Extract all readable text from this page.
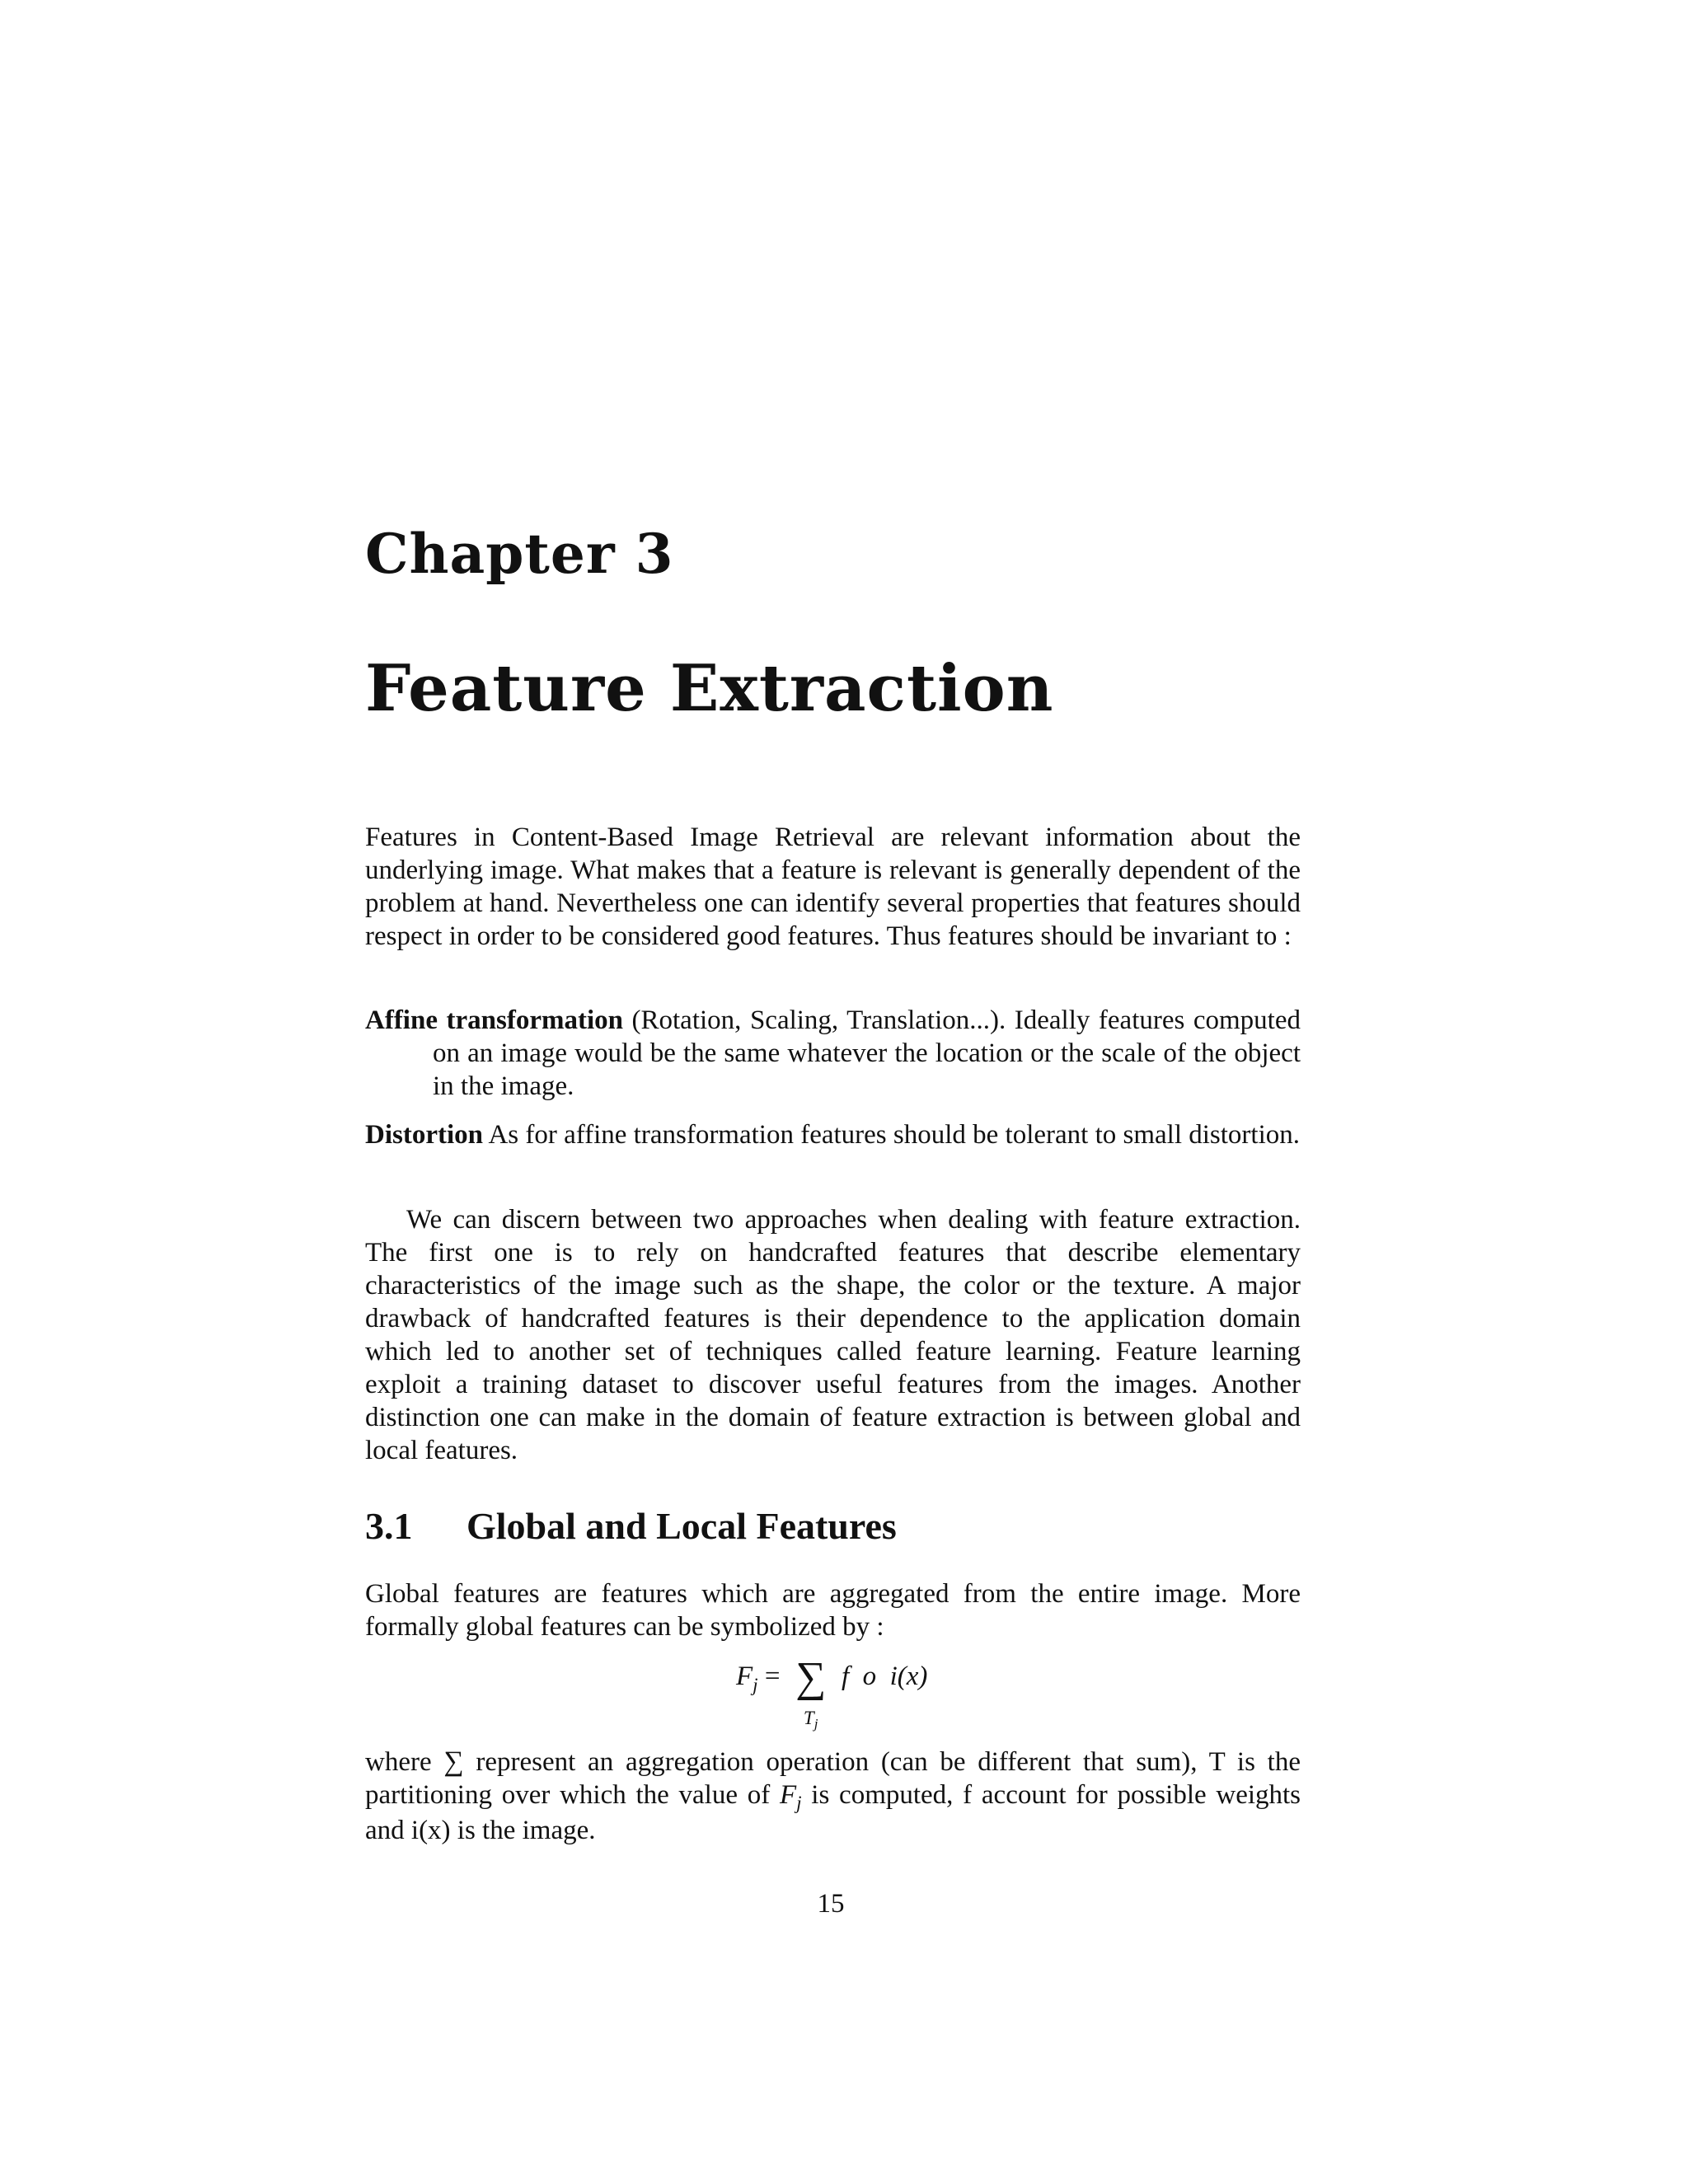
Chapter 3
Feature Extraction

Features in Content-Based Image Retrieval are relevant information about the underlying image. What makes that a feature is relevant is generally dependent of the problem at hand. Nevertheless one can identify several properties that features should respect in order to be considered good features. Thus features should be invariant to :

Affine transformation (Rotation, Scaling, Translation...). Ideally features computed on an image would be the same whatever the location or the scale of the object in the image.
Distortion As for affine transformation features should be tolerant to small distortion.

We can discern between two approaches when dealing with feature extraction. The first one is to rely on handcrafted features that describe elementary characteristics of the image such as the shape, the color or the texture. A major drawback of handcrafted features is their dependence to the application domain which led to another set of techniques called feature learning. Feature learning exploit a training dataset to discover useful features from the images. Another distinction one can make in the domain of feature extraction is between global and local features.

3.1 Global and Local Features

Global features are features which are aggregated from the entire image. More formally global features can be symbolized by :

$F_j$ = ∑
$T_j$
f  o  i(x)

where ∑ represent an aggregation operation (can be different that sum), T is the partitioning over which the value of $F_j$ is computed, f account for possible weights and i(x) is the image.

15
